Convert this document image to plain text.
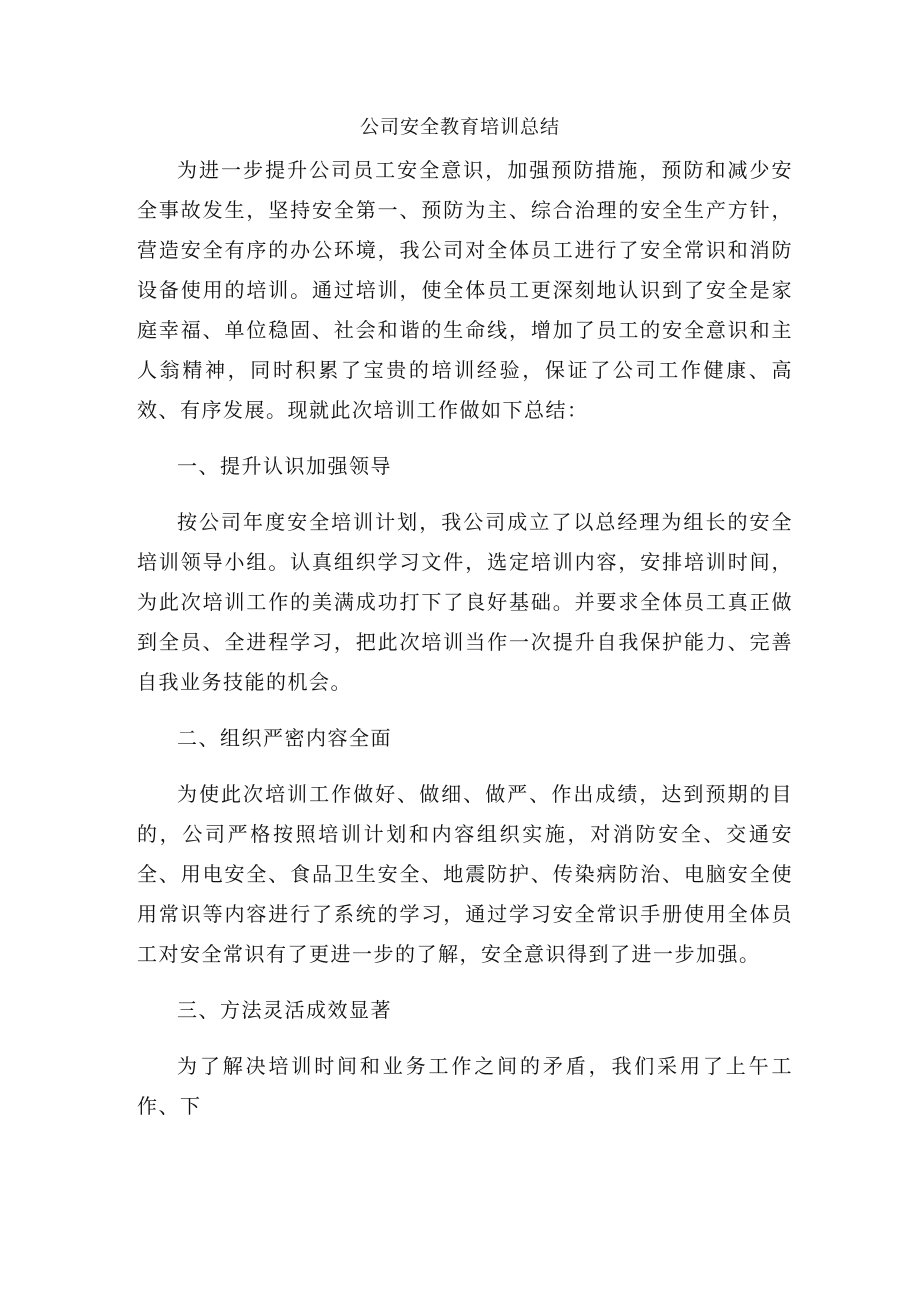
公司安全教育培训总结

为进一步提升公司员工安全意识，加强预防措施，预防和减少安全事故发生，坚持安全第一、预防为主、综合治理的安全生产方针，营造安全有序的办公环境，我公司对全体员工进行了安全常识和消防设备使用的培训。通过培训，使全体员工更深刻地认识到了安全是家庭幸福、单位稳固、社会和谐的生命线，增加了员工的安全意识和主人翁精神，同时积累了宝贵的培训经验，保证了公司工作健康、高效、有序发展。现就此次培训工作做如下总结：

一、提升认识加强领导

按公司年度安全培训计划，我公司成立了以总经理为组长的安全培训领导小组。认真组织学习文件，选定培训内容，安排培训时间，为此次培训工作的美满成功打下了良好基础。并要求全体员工真正做到全员、全进程学习，把此次培训当作一次提升自我保护能力、完善自我业务技能的机会。

二、组织严密内容全面

为使此次培训工作做好、做细、做严、作出成绩，达到预期的目的，公司严格按照培训计划和内容组织实施，对消防安全、交通安全、用电安全、食品卫生安全、地震防护、传染病防治、电脑安全使用常识等内容进行了系统的学习，通过学习安全常识手册使用全体员工对安全常识有了更进一步的了解，安全意识得到了进一步加强。

三、方法灵活成效显著

为了解决培训时间和业务工作之间的矛盾，我们采用了上午工作、下
